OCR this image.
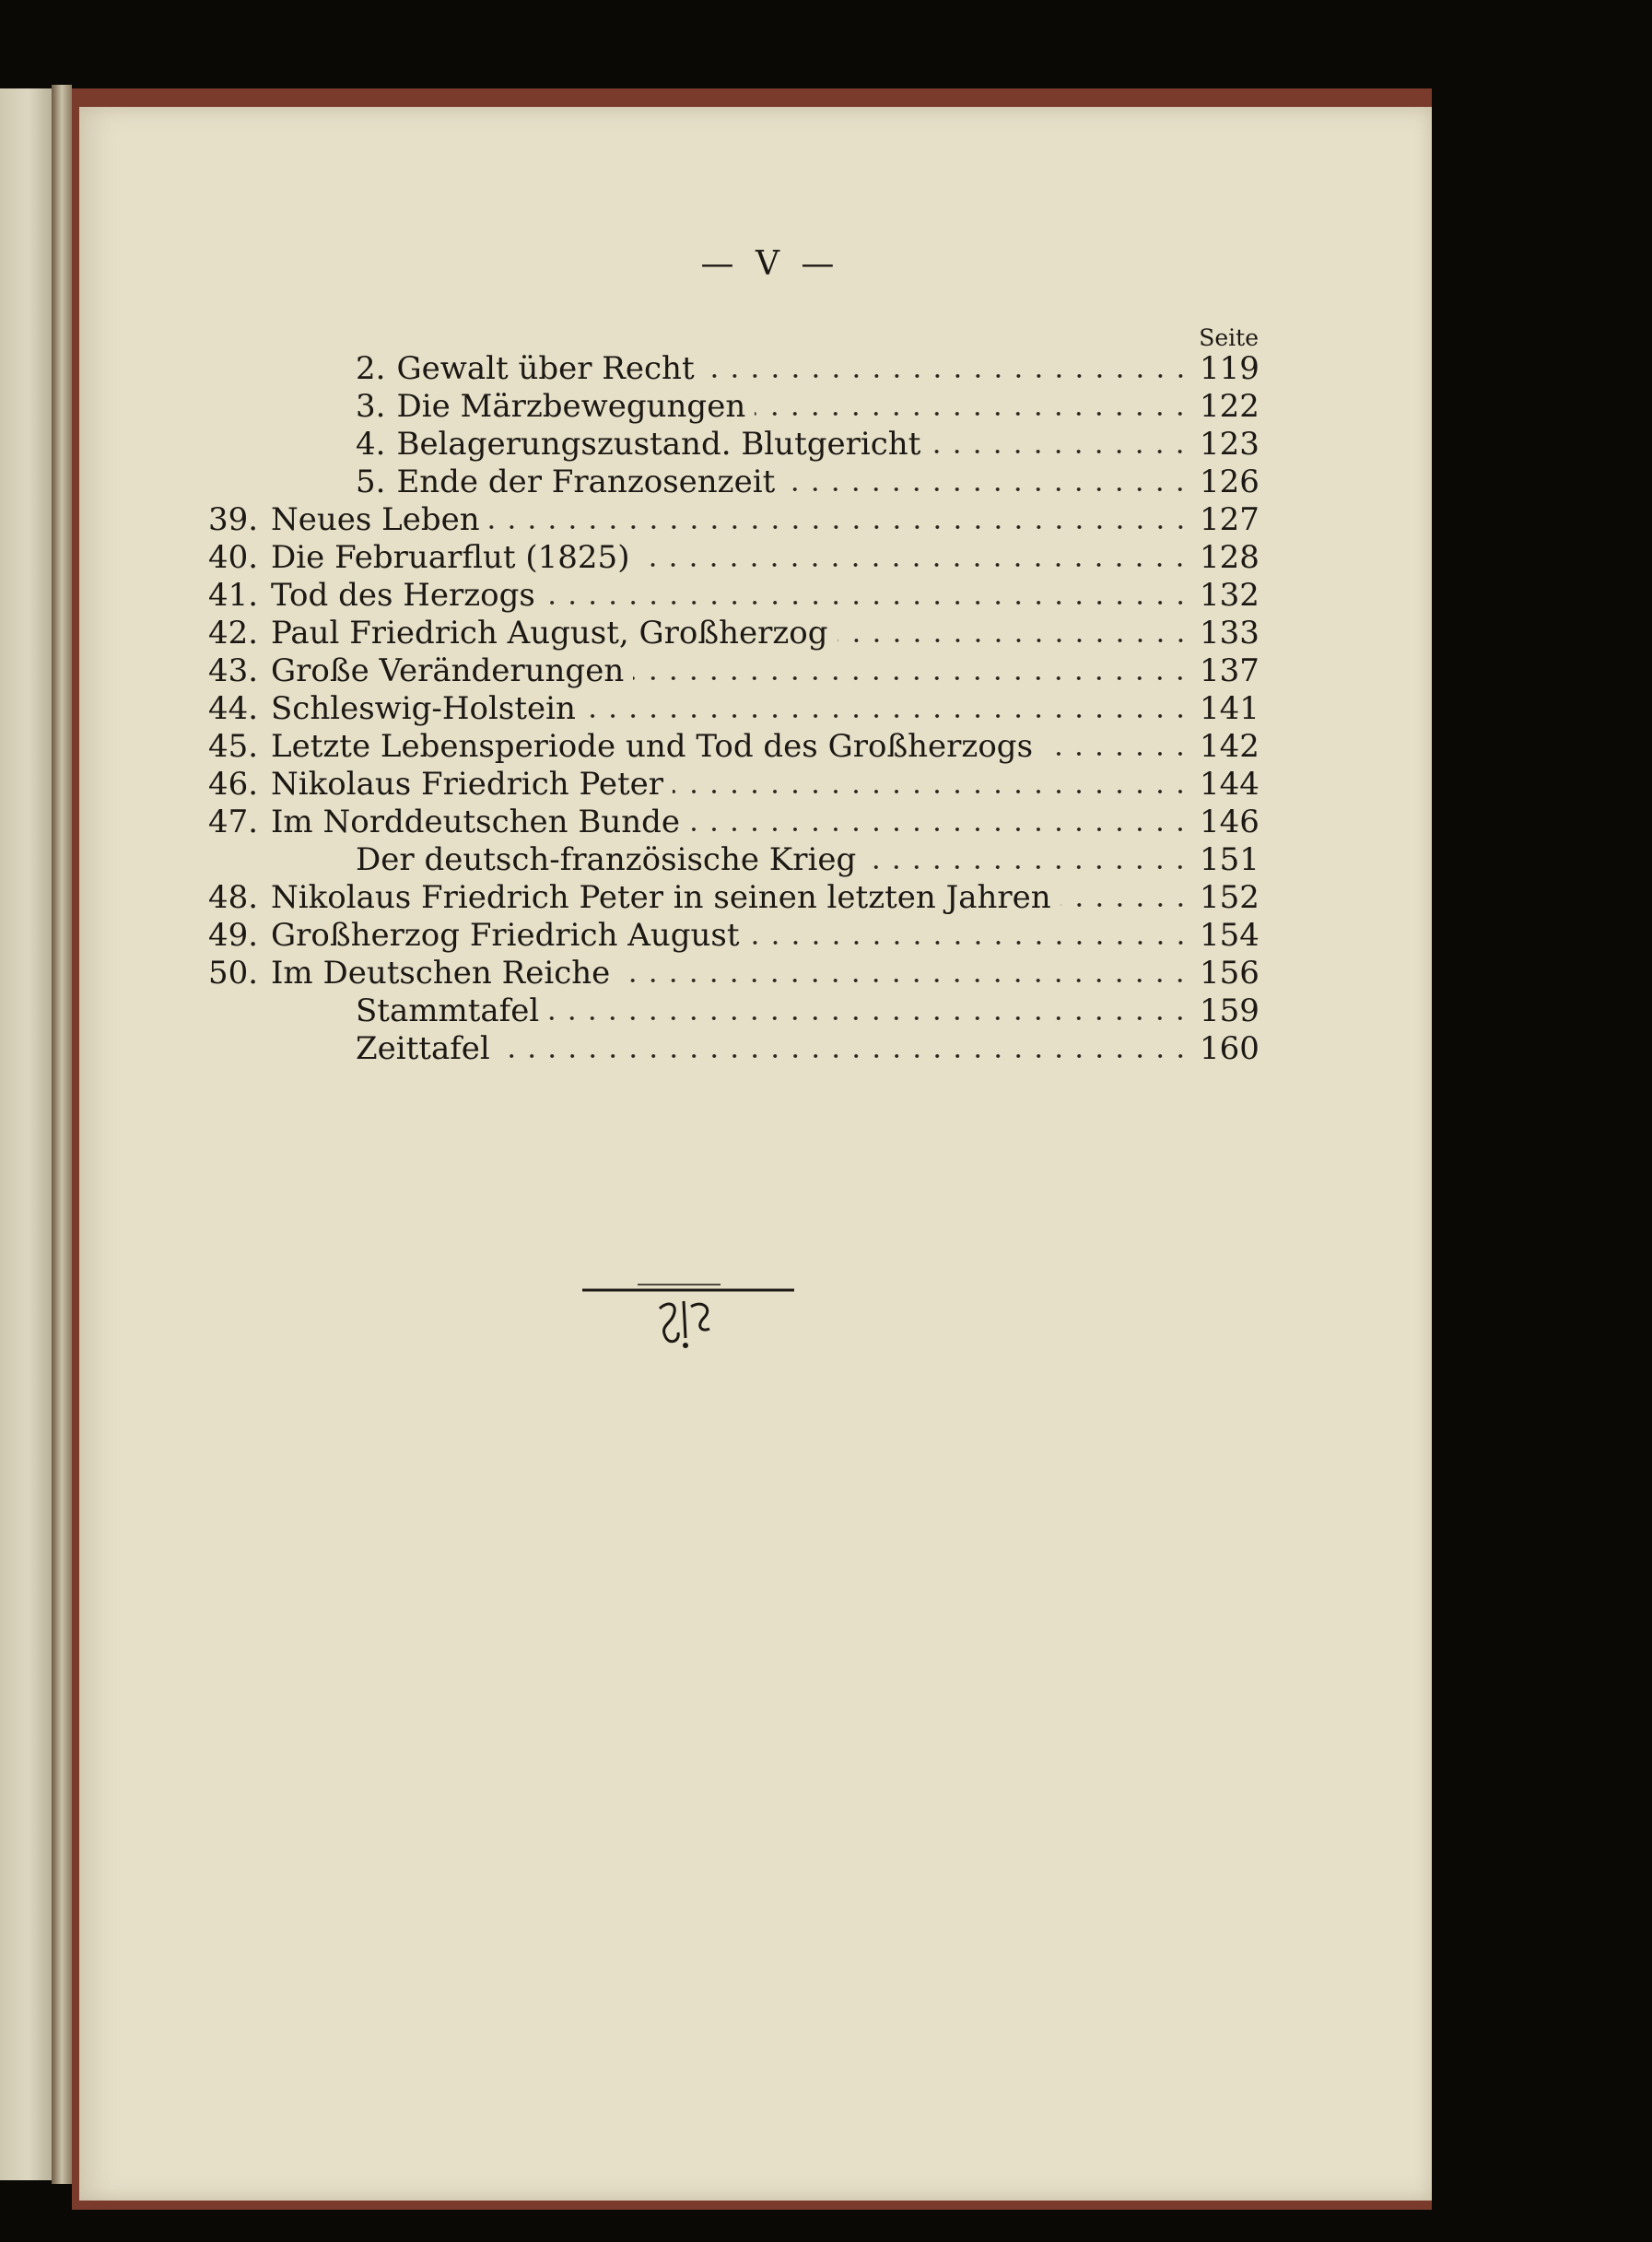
— V —
Seite
2. Gewalt über Recht	119
3. Die Märzbewegungen	122
4. Belagerungszustand. Blutgericht	123
5. Ende der Franzosenzeit	126
39. Neues Leben	127
40. Die Februarflut (1825)	128
41. Tod des Herzogs	132
42. Paul Friedrich August, Großherzog	133
43. Große Veränderungen	137
44. Schleswig-Holstein	141
45. Letzte Lebensperiode und Tod des Großherzogs	142
46. Nikolaus Friedrich Peter	144
47. Im Norddeutschen Bunde	146
Der deutsch-französische Krieg	151
48. Nikolaus Friedrich Peter in seinen letzten Jahren	152
49. Großherzog Friedrich August	154
50. Im Deutschen Reiche	156
Stammtafel	159
Zeittafel	160
